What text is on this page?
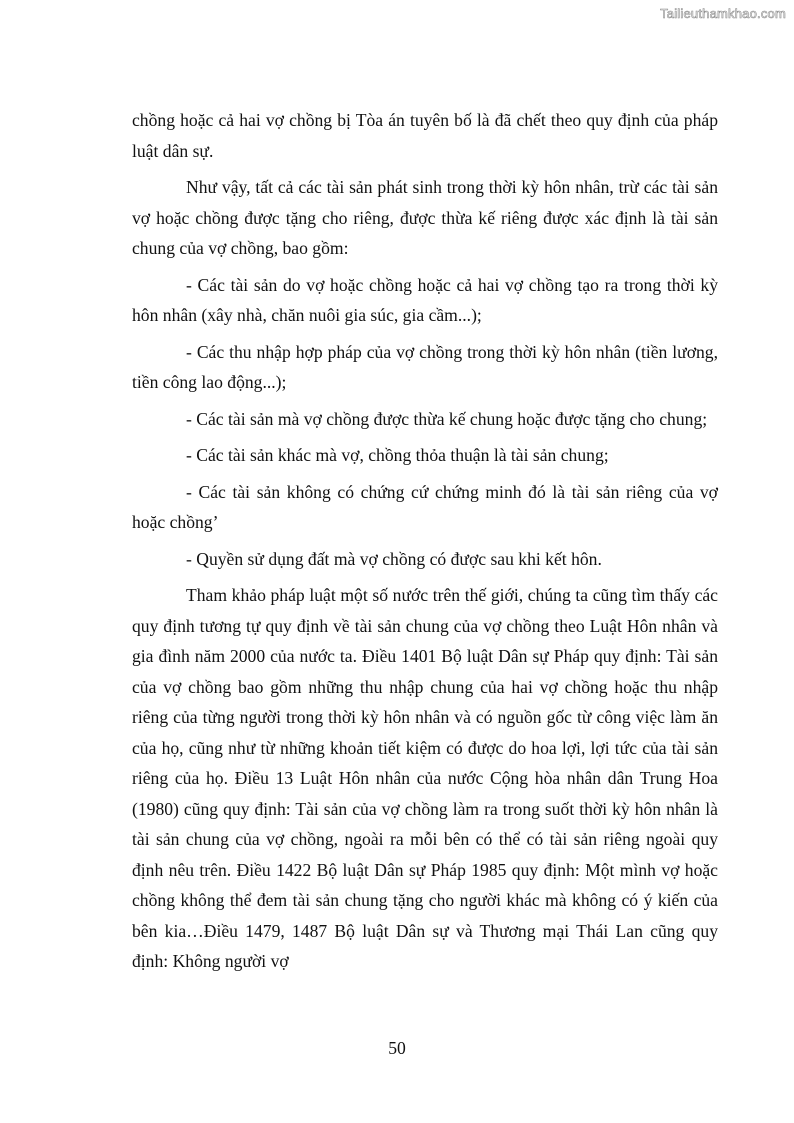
Tailieuthamkhao.com

chồng hoặc cả hai vợ chồng bị Tòa án tuyên bố là đã chết theo quy định của pháp luật dân sự.

Như vậy, tất cả các tài sản phát sinh trong thời kỳ hôn nhân, trừ các tài sản vợ hoặc chồng được tặng cho riêng, được thừa kế riêng được xác định là tài sản chung của vợ chồng, bao gồm:

- Các tài sản do vợ hoặc chồng hoặc cả hai vợ chồng tạo ra trong thời kỳ hôn nhân (xây nhà, chăn nuôi gia súc, gia cầm...);

- Các thu nhập hợp pháp của vợ chồng trong thời kỳ hôn nhân (tiền lương, tiền công lao động...);

- Các tài sản mà vợ chồng được thừa kế chung hoặc được tặng cho chung;

- Các tài sản khác mà vợ, chồng thỏa thuận là tài sản chung;

- Các tài sản không có chứng cứ chứng minh đó là tài sản riêng của vợ hoặc chồng’

- Quyền sử dụng đất mà vợ chồng có được sau khi kết hôn.

Tham khảo pháp luật một số nước trên thế giới, chúng ta cũng tìm thấy các quy định tương tự quy định về tài sản chung của vợ chồng theo Luật Hôn nhân và gia đình năm 2000 của nước ta. Điều 1401 Bộ luật Dân sự Pháp quy định: Tài sản của vợ chồng bao gồm những thu nhập chung của hai vợ chồng hoặc thu nhập riêng của từng người trong thời kỳ hôn nhân và có nguồn gốc từ công việc làm ăn của họ, cũng như từ những khoản tiết kiệm có được do hoa lợi, lợi tức của tài sản riêng của họ. Điều 13 Luật Hôn nhân của nước Cộng hòa nhân dân Trung Hoa (1980) cũng quy định: Tài sản của vợ chồng làm ra trong suốt thời kỳ hôn nhân là tài sản chung của vợ chồng, ngoài ra mỗi bên có thể có tài sản riêng ngoài quy định nêu trên. Điều 1422 Bộ luật Dân sự Pháp 1985 quy định: Một mình vợ hoặc chồng không thể đem tài sản chung tặng cho người khác mà không có ý kiến của bên kia…Điều 1479, 1487 Bộ luật Dân sự và Thương mại Thái Lan cũng quy định: Không người vợ

50
